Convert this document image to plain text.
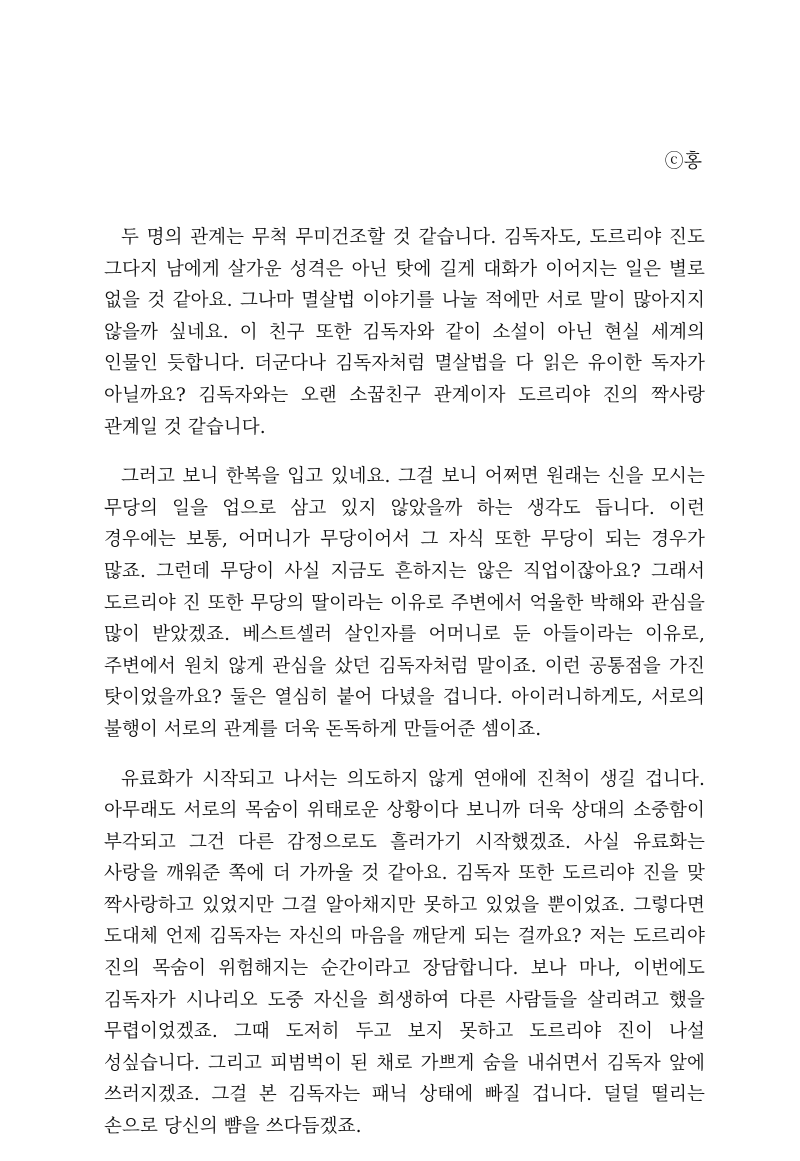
ⓒ홍

두 명의 관계는 무척 무미건조할 것 같습니다. 김독자도, 도르리야 진도 그다지 남에게 살가운 성격은 아닌 탓에 길게 대화가 이어지는 일은 별로 없을 것 같아요. 그나마 멸살법 이야기를 나눌 적에만 서로 말이 많아지지 않을까 싶네요. 이 친구 또한 김독자와 같이 소설이 아닌 현실 세계의 인물인 듯합니다. 더군다나 김독자처럼 멸살법을 다 읽은 유이한 독자가 아닐까요? 김독자와는 오랜 소꿉친구 관계이자 도르리야 진의 짝사랑 관계일 것 같습니다.

그러고 보니 한복을 입고 있네요. 그걸 보니 어쩌면 원래는 신을 모시는 무당의 일을 업으로 삼고 있지 않았을까 하는 생각도 듭니다. 이런 경우에는 보통, 어머니가 무당이어서 그 자식 또한 무당이 되는 경우가 많죠. 그런데 무당이 사실 지금도 흔하지는 않은 직업이잖아요? 그래서 도르리야 진 또한 무당의 딸이라는 이유로 주변에서 억울한 박해와 관심을 많이 받았겠죠. 베스트셀러 살인자를 어머니로 둔 아들이라는 이유로, 주변에서 원치 않게 관심을 샀던 김독자처럼 말이죠. 이런 공통점을 가진 탓이었을까요? 둘은 열심히 붙어 다녔을 겁니다. 아이러니하게도, 서로의 불행이 서로의 관계를 더욱 돈독하게 만들어준 셈이죠.

유료화가 시작되고 나서는 의도하지 않게 연애에 진척이 생길 겁니다. 아무래도 서로의 목숨이 위태로운 상황이다 보니까 더욱 상대의 소중함이 부각되고 그건 다른 감정으로도 흘러가기 시작했겠죠. 사실 유료화는 사랑을 깨워준 쪽에 더 가까울 것 같아요. 김독자 또한 도르리야 진을 맞 짝사랑하고 있었지만 그걸 알아채지만 못하고 있었을 뿐이었죠. 그렇다면 도대체 언제 김독자는 자신의 마음을 깨닫게 되는 걸까요? 저는 도르리야 진의 목숨이 위험해지는 순간이라고 장담합니다. 보나 마나, 이번에도 김독자가 시나리오 도중 자신을 희생하여 다른 사람들을 살리려고 했을 무렵이었겠죠. 그때 도저히 두고 보지 못하고 도르리야 진이 나설 성싶습니다. 그리고 피범벅이 된 채로 가쁘게 숨을 내쉬면서 김독자 앞에 쓰러지겠죠. 그걸 본 김독자는 패닉 상태에 빠질 겁니다. 덜덜 떨리는 손으로 당신의 뺨을 쓰다듬겠죠.
